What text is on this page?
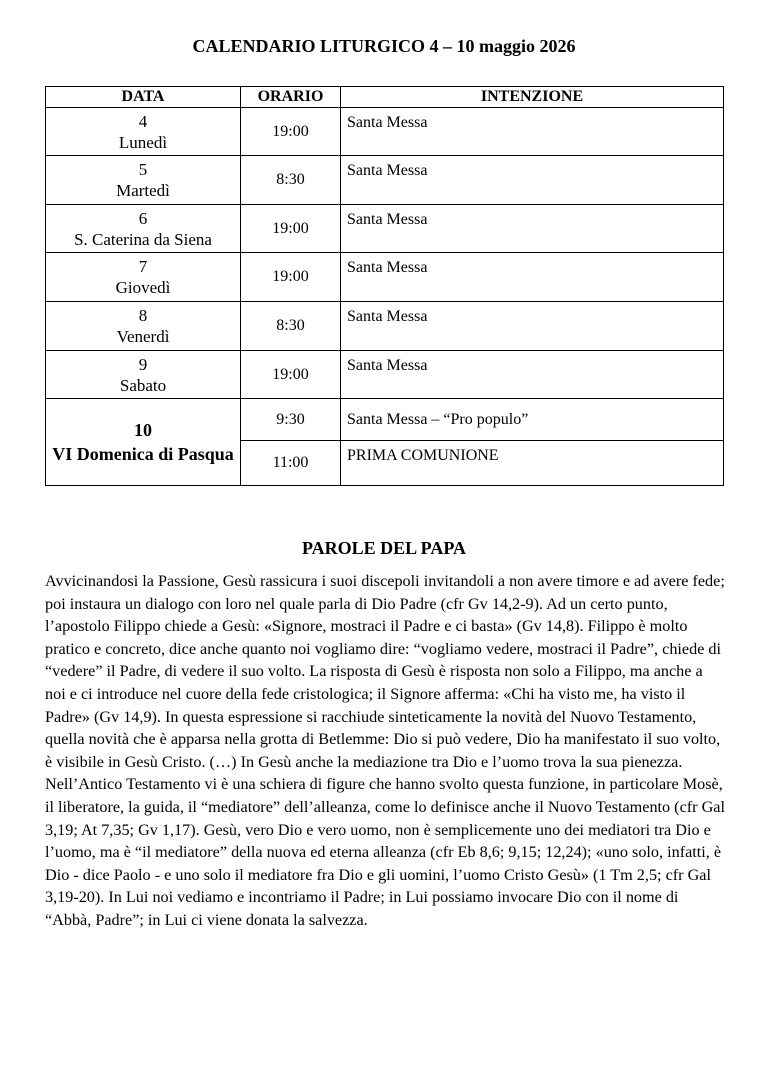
CALENDARIO LITURGICO 4 – 10 maggio 2026
DATA	ORARIO	INTENZIONE
4
Lunedì	19:00	Santa Messa
5
Martedì	8:30	Santa Messa
6
S. Caterina da Siena	19:00	Santa Messa
7
Giovedì	19:00	Santa Messa
8
Venerdì	8:30	Santa Messa
9
Sabato	19:00	Santa Messa
10
VI Domenica di Pasqua	9:30	Santa Messa – “Pro populo”
	11:00	PRIMA COMUNIONE
PAROLE DEL PAPA

Avvicinandosi la Passione, Gesù rassicura i suoi discepoli invitandoli a non avere timore e ad avere fede; poi instaura un dialogo con loro nel quale parla di Dio Padre (cfr Gv 14,2-9). Ad un certo punto, l’apostolo Filippo chiede a Gesù: «Signore, mostraci il Padre e ci basta» (Gv 14,8). Filippo è molto pratico e concreto, dice anche quanto noi vogliamo dire: “vogliamo vedere, mostraci il Padre”, chiede di “vedere” il Padre, di vedere il suo volto. La risposta di Gesù è risposta non solo a Filippo, ma anche a noi e ci introduce nel cuore della fede cristologica; il Signore afferma: «Chi ha visto me, ha visto il Padre» (Gv 14,9). In questa espressione si racchiude sinteticamente la novità del Nuovo Testamento, quella novità che è apparsa nella grotta di Betlemme: Dio si può vedere, Dio ha manifestato il suo volto, è visibile in Gesù Cristo. (…) In Gesù anche la mediazione tra Dio e l’uomo trova la sua pienezza. Nell’Antico Testamento vi è una schiera di figure che hanno svolto questa funzione, in particolare Mosè, il liberatore, la guida, il “mediatore” dell’alleanza, come lo definisce anche il Nuovo Testamento (cfr Gal 3,19; At 7,35; Gv 1,17). Gesù, vero Dio e vero uomo, non è semplicemente uno dei mediatori tra Dio e l’uomo, ma è “il mediatore” della nuova ed eterna alleanza (cfr Eb 8,6; 9,15; 12,24); «uno solo, infatti, è Dio - dice Paolo - e uno solo il mediatore fra Dio e gli uomini, l’uomo Cristo Gesù» (1 Tm 2,5; cfr Gal 3,19-20). In Lui noi vediamo e incontriamo il Padre; in Lui possiamo invocare Dio con il nome di “Abbà, Padre”; in Lui ci viene donata la salvezza.
